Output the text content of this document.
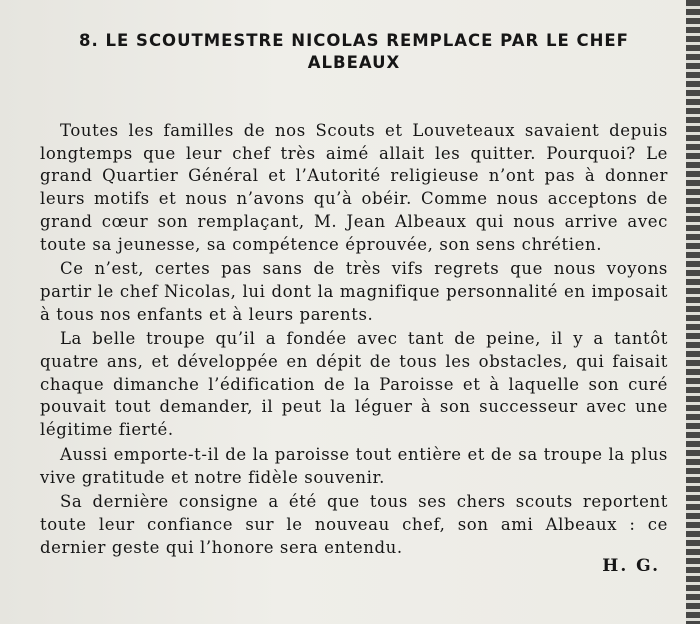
8. LE SCOUTMESTRE NICOLAS REMPLACE PAR LE CHEF ALBEAUX

Toutes les familles de nos Scouts et Louveteaux savaient depuis longtemps que leur chef très aimé allait les quitter. Pourquoi? Le grand Quartier Général et l’Autorité religieuse n’ont pas à donner leurs motifs et nous n’avons qu’à obéir. Comme nous acceptons de grand cœur son remplaçant, M. Jean Albeaux qui nous arrive avec toute sa jeunesse, sa compétence éprouvée, son sens chrétien.

Ce n’est, certes pas sans de très vifs regrets que nous voyons partir le chef Nicolas, lui dont la magnifique personnalité en imposait à tous nos enfants et à leurs parents.

La belle troupe qu’il a fondée avec tant de peine, il y a tantôt quatre ans, et développée en dépit de tous les obstacles, qui faisait chaque dimanche l’édification de la Paroisse et à laquelle son curé pouvait tout demander, il peut la léguer à son successeur avec une légitime fierté.

Aussi emporte-t-il de la paroisse tout entière et de sa troupe la plus vive gratitude et notre fidèle souvenir.

Sa dernière consigne a été que tous ses chers scouts reportent toute leur confiance sur le nouveau chef, son ami Albeaux : ce dernier geste qui l’honore sera entendu.

H. G.
